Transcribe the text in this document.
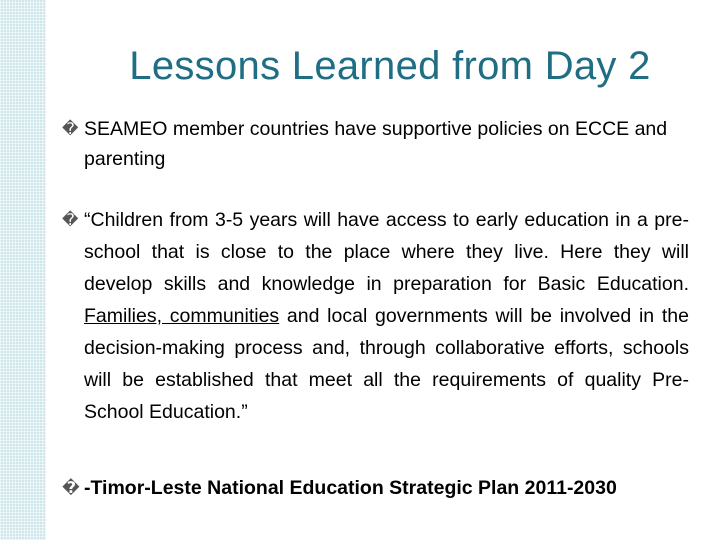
Lessons Learned from Day 2
� SEAMEO member countries have supportive policies on ECCE and parenting
� “Children from 3-5 years will have access to early education in a pre-school that is close to the place where they live. Here they will develop skills and knowledge in preparation for Basic Education. Families, communities and local governments will be involved in the decision-making process and, through collaborative efforts, schools will be established that meet all the requirements of quality Pre-School Education.”
� -Timor-Leste National Education Strategic Plan 2011-2030
